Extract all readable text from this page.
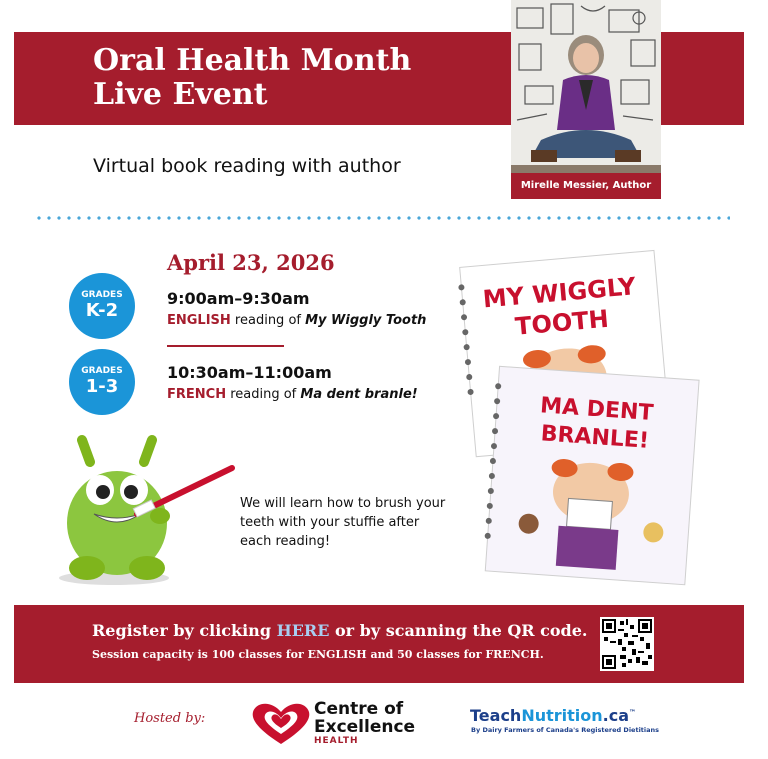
Oral Health Month
Live Event
Virtual book reading with author
Mirelle Messier, Author
April 23, 2026
GRADES
K-2
9:00am–9:30am
ENGLISH reading of My Wiggly Tooth
GRADES
1-3
10:30am–11:00am
FRENCH reading of Ma dent branle!
We will learn how to brush your teeth with your stuffie after each reading!
MY WIGGLY
TOOTH
MA DENT
BRANLE!
Register by clicking HERE or by scanning the QR code.
Session capacity is 100 classes for ENGLISH and 50 classes for FRENCH.
Hosted by:	Centre of
Excellence
HEALTH
TeachNutrition.ca™
By Dairy Farmers of Canada's Registered Dietitians
